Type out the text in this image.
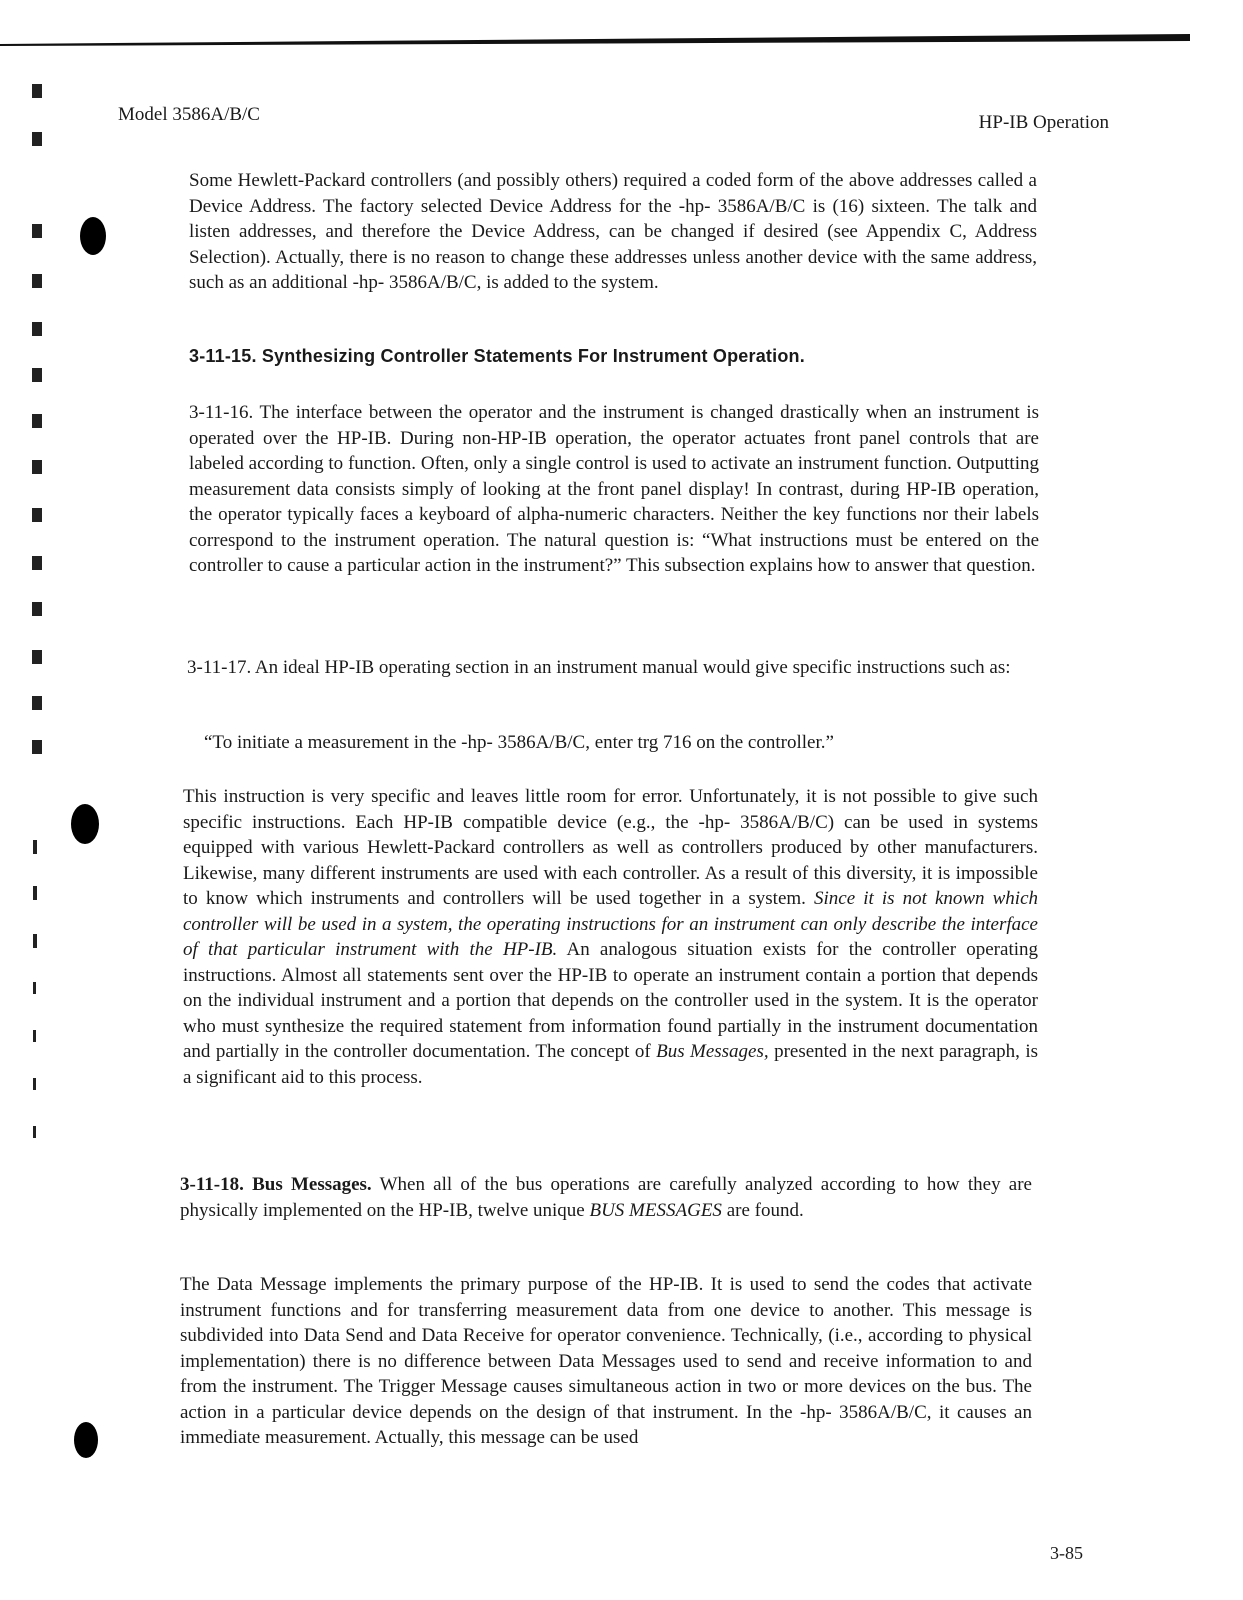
Model 3586A/B/C	HP-IB Operation
Some Hewlett-Packard controllers (and possibly others) required a coded form of the above addresses called a Device Address. The factory selected Device Address for the -hp- 3586A/B/C is (16) sixteen. The talk and listen addresses, and therefore the Device Address, can be changed if desired (see Appendix C, Address Selection). Actually, there is no reason to change these addresses unless another device with the same address, such as an additional -hp- 3586A/B/C, is added to the system.
3-11-15. Synthesizing Controller Statements For Instrument Operation.
3-11-16. The interface between the operator and the instrument is changed drastically when an instrument is operated over the HP-IB. During non-HP-IB operation, the operator actuates front panel controls that are labeled according to function. Often, only a single control is used to activate an instrument function. Outputting measurement data consists simply of looking at the front panel display! In contrast, during HP-IB operation, the operator typically faces a keyboard of alpha-numeric characters. Neither the key functions nor their labels correspond to the instrument operation. The natural question is: “What instructions must be entered on the controller to cause a particular action in the instrument?” This subsection explains how to answer that question.
3-11-17. An ideal HP-IB operating section in an instrument manual would give specific instructions such as:
“To initiate a measurement in the -hp- 3586A/B/C, enter trg 716 on the controller.”
This instruction is very specific and leaves little room for error. Unfortunately, it is not possible to give such specific instructions. Each HP-IB compatible device (e.g., the -hp- 3586A/B/C) can be used in systems equipped with various Hewlett-Packard controllers as well as controllers produced by other manufacturers. Likewise, many different instruments are used with each controller. As a result of this diversity, it is impossible to know which instruments and controllers will be used together in a system. Since it is not known which controller will be used in a system, the operating instructions for an instrument can only describe the interface of that particular instrument with the HP-IB. An analogous situation exists for the controller operating instructions. Almost all statements sent over the HP-IB to operate an instrument contain a portion that depends on the individual instrument and a portion that depends on the controller used in the system. It is the operator who must synthesize the required statement from information found partially in the instrument documentation and partially in the controller documentation. The concept of Bus Messages, presented in the next paragraph, is a significant aid to this process.
3-11-18. Bus Messages. When all of the bus operations are carefully analyzed according to how they are physically implemented on the HP-IB, twelve unique BUS MESSAGES are found.
The Data Message implements the primary purpose of the HP-IB. It is used to send the codes that activate instrument functions and for transferring measurement data from one device to another. This message is subdivided into Data Send and Data Receive for operator convenience. Technically, (i.e., according to physical implementation) there is no difference between Data Messages used to send and receive information to and from the instrument. The Trigger Message causes simultaneous action in two or more devices on the bus. The action in a particular device depends on the design of that instrument. In the -hp- 3586A/B/C, it causes an immediate measurement. Actually, this message can be used
3-85
